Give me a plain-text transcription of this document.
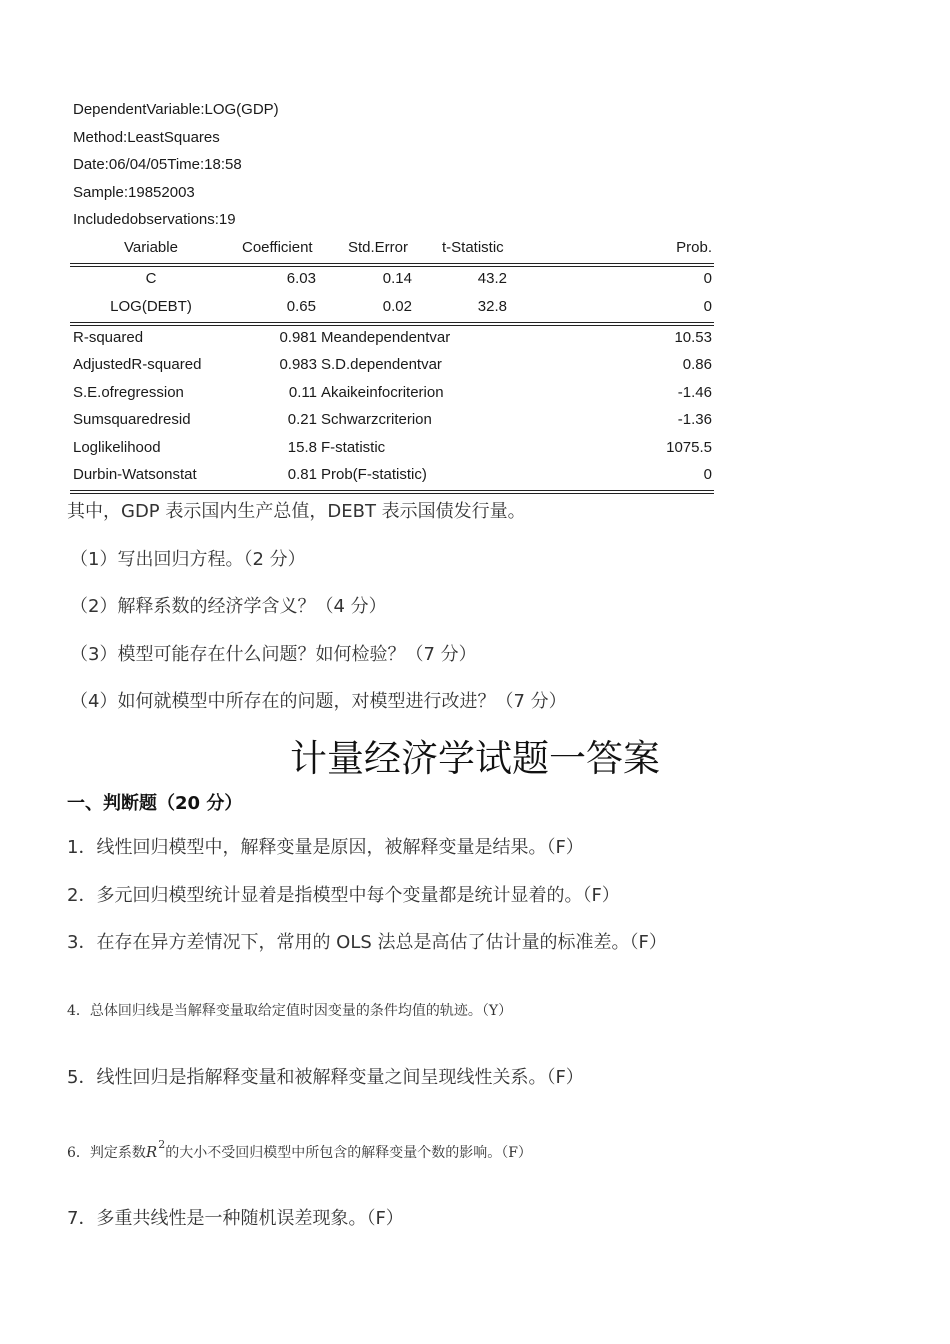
DependentVariable:LOG(GDP)
Method:LeastSquares
Date:06/04/05Time:18:58
Sample:19852003
Includedobservations:19
Variable	Coefficient Std.Error t-Statistic	Prob.
C	6.03	0.14	43.2	0
LOG(DEBT)	0.65	0.02	32.8	0
R-squared	0.981 Meandependentvar	10.53
AdjustedR-squared	0.983 S.D.dependentvar	0.86
S.E.ofregression	0.11 Akaikeinfocriterion	-1.46
Sumsquaredresid	0.21 Schwarzcriterion	-1.36
Loglikelihood	15.8 F-statistic	1075.5
Durbin-Watsonstat	0.81 Prob(F-statistic)	0
其中，GDP 表示国内生产总值，DEBT 表示国债发行量。
（1）写出回归方程。（2 分）
（2）解释系数的经济学含义？（4 分）
（3）模型可能存在什么问题？如何检验？（7 分）
（4）如何就模型中所存在的问题，对模型进行改进？（7 分）
计量经济学试题一答案
一、判断题（20 分）
1．线性回归模型中，解释变量是原因，被解释变量是结果。（F）
2．多元回归模型统计显着是指模型中每个变量都是统计显着的。（F）
3．在存在异方差情况下，常用的 OLS 法总是高估了估计量的标准差。（F）
4．总体回归线是当解释变量取给定值时因变量的条件均值的轨迹。（Y）
5．线性回归是指解释变量和被解释变量之间呈现线性关系。（F）
6．判定系数$R^2$的大小不受回归模型中所包含的解释变量个数的影响。（F）
7．多重共线性是一种随机误差现象。（F）
